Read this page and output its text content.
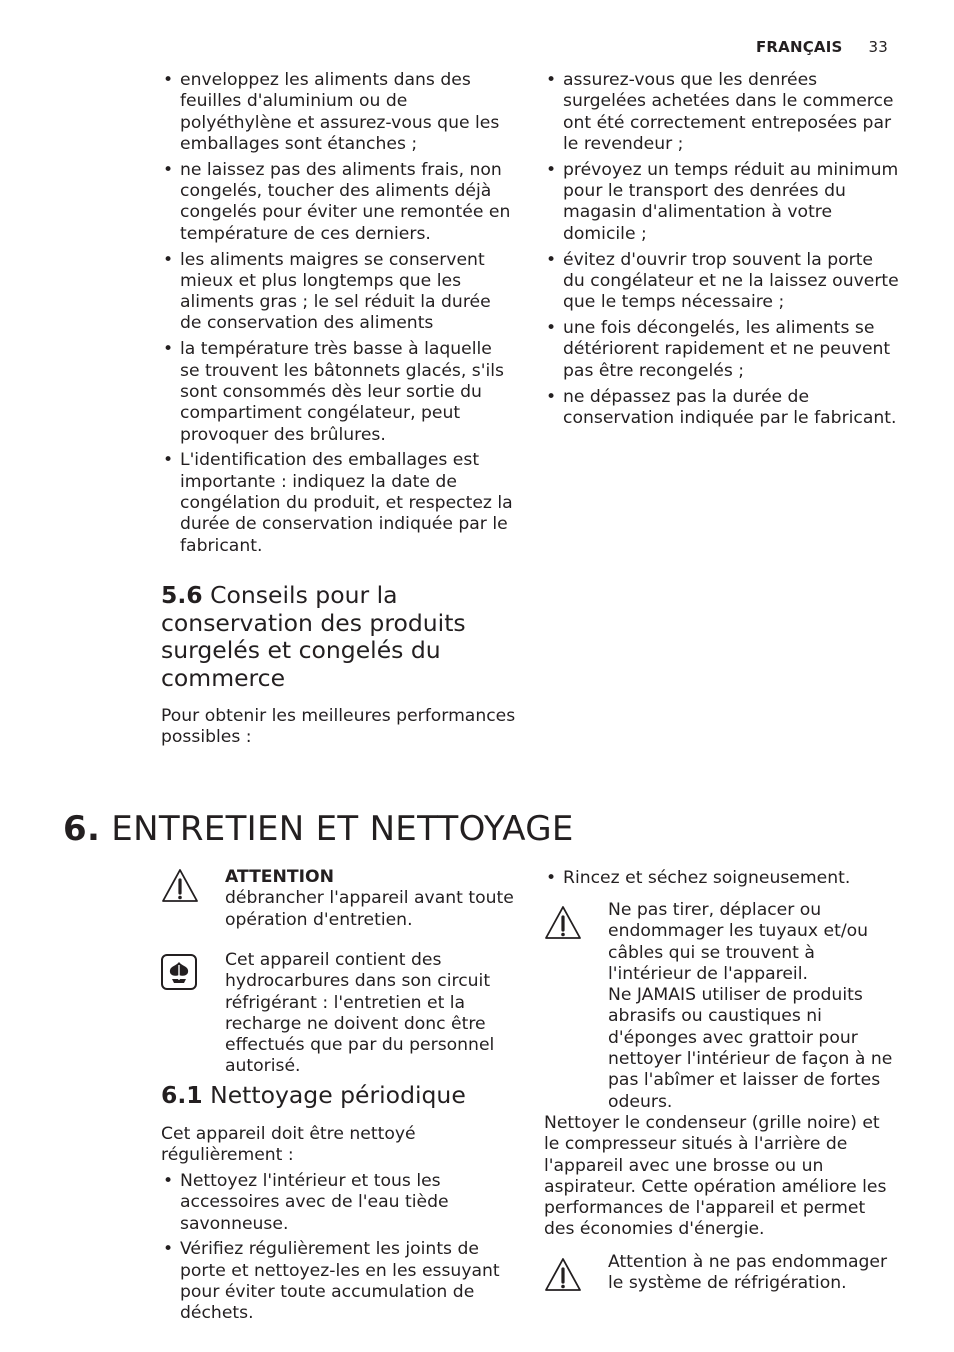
FRANÇAIS 33
• enveloppez les aliments dans des feuilles d'aluminium ou de polyéthylène et assurez-vous que les emballages sont étanches ;
• ne laissez pas des aliments frais, non congelés, toucher des aliments déjà congelés pour éviter une remontée en température de ces derniers.
• les aliments maigres se conservent mieux et plus longtemps que les aliments gras ; le sel réduit la durée de conservation des aliments
• la température très basse à laquelle se trouvent les bâtonnets glacés, s'ils sont consommés dès leur sortie du compartiment congélateur, peut provoquer des brûlures.
• L'identification des emballages est importante : indiquez la date de congélation du produit, et respectez la durée de conservation indiquée par le fabricant.
• assurez-vous que les denrées surgelées achetées dans le commerce ont été correctement entreposées par le revendeur ;
• prévoyez un temps réduit au minimum pour le transport des denrées du magasin d'alimentation à votre domicile ;
• évitez d'ouvrir trop souvent la porte du congélateur et ne la laissez ouverte que le temps nécessaire ;
• une fois décongelés, les aliments se détériorent rapidement et ne peuvent pas être recongelés ;
• ne dépassez pas la durée de conservation indiquée par le fabricant.
5.6 Conseils pour la conservation des produits surgelés et congelés du commerce
Pour obtenir les meilleures performances possibles :
6. ENTRETIEN ET NETTOYAGE
ATTENTION
débrancher l'appareil avant toute opération d'entretien.
Cet appareil contient des hydrocarbures dans son circuit réfrigérant : l'entretien et la recharge ne doivent donc être effectués que par du personnel autorisé.
6.1 Nettoyage périodique
Cet appareil doit être nettoyé régulièrement :
• Nettoyez l'intérieur et tous les accessoires avec de l'eau tiède savonneuse.
• Vérifiez régulièrement les joints de porte et nettoyez-les en les essuyant pour éviter toute accumulation de déchets.
• Rincez et séchez soigneusement.
Ne pas tirer, déplacer ou endommager les tuyaux et/ou câbles qui se trouvent à l'intérieur de l'appareil.
Ne JAMAIS utiliser de produits abrasifs ou caustiques ni d'éponges avec grattoir pour nettoyer l'intérieur de façon à ne pas l'abîmer et laisser de fortes odeurs.
Nettoyer le condenseur (grille noire) et le compresseur situés à l'arrière de l'appareil avec une brosse ou un aspirateur. Cette opération améliore les performances de l'appareil et permet des économies d'énergie.
Attention à ne pas endommager le système de réfrigération.
